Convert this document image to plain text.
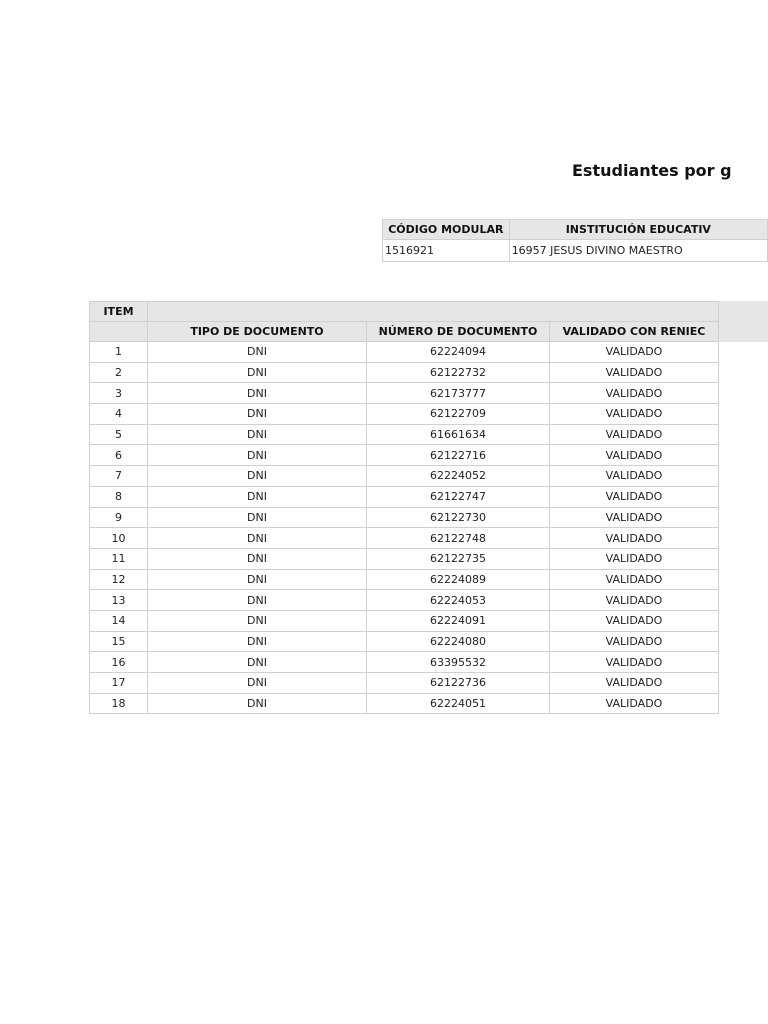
Estudiantes por g
CÓDIGO MODULAR	INSTITUCIÓN EDUCATIV
1516921	16957 JESUS DIVINO MAESTRO
ITEM			
	TIPO DE DOCUMENTO	NÚMERO DE DOCUMENTO	VALIDADO CON RENIEC
1	DNI	62224094	VALIDADO
2	DNI	62122732	VALIDADO
3	DNI	62173777	VALIDADO
4	DNI	62122709	VALIDADO
5	DNI	61661634	VALIDADO
6	DNI	62122716	VALIDADO
7	DNI	62224052	VALIDADO
8	DNI	62122747	VALIDADO
9	DNI	62122730	VALIDADO
10	DNI	62122748	VALIDADO
11	DNI	62122735	VALIDADO
12	DNI	62224089	VALIDADO
13	DNI	62224053	VALIDADO
14	DNI	62224091	VALIDADO
15	DNI	62224080	VALIDADO
16	DNI	63395532	VALIDADO
17	DNI	62122736	VALIDADO
18	DNI	62224051	VALIDADO
